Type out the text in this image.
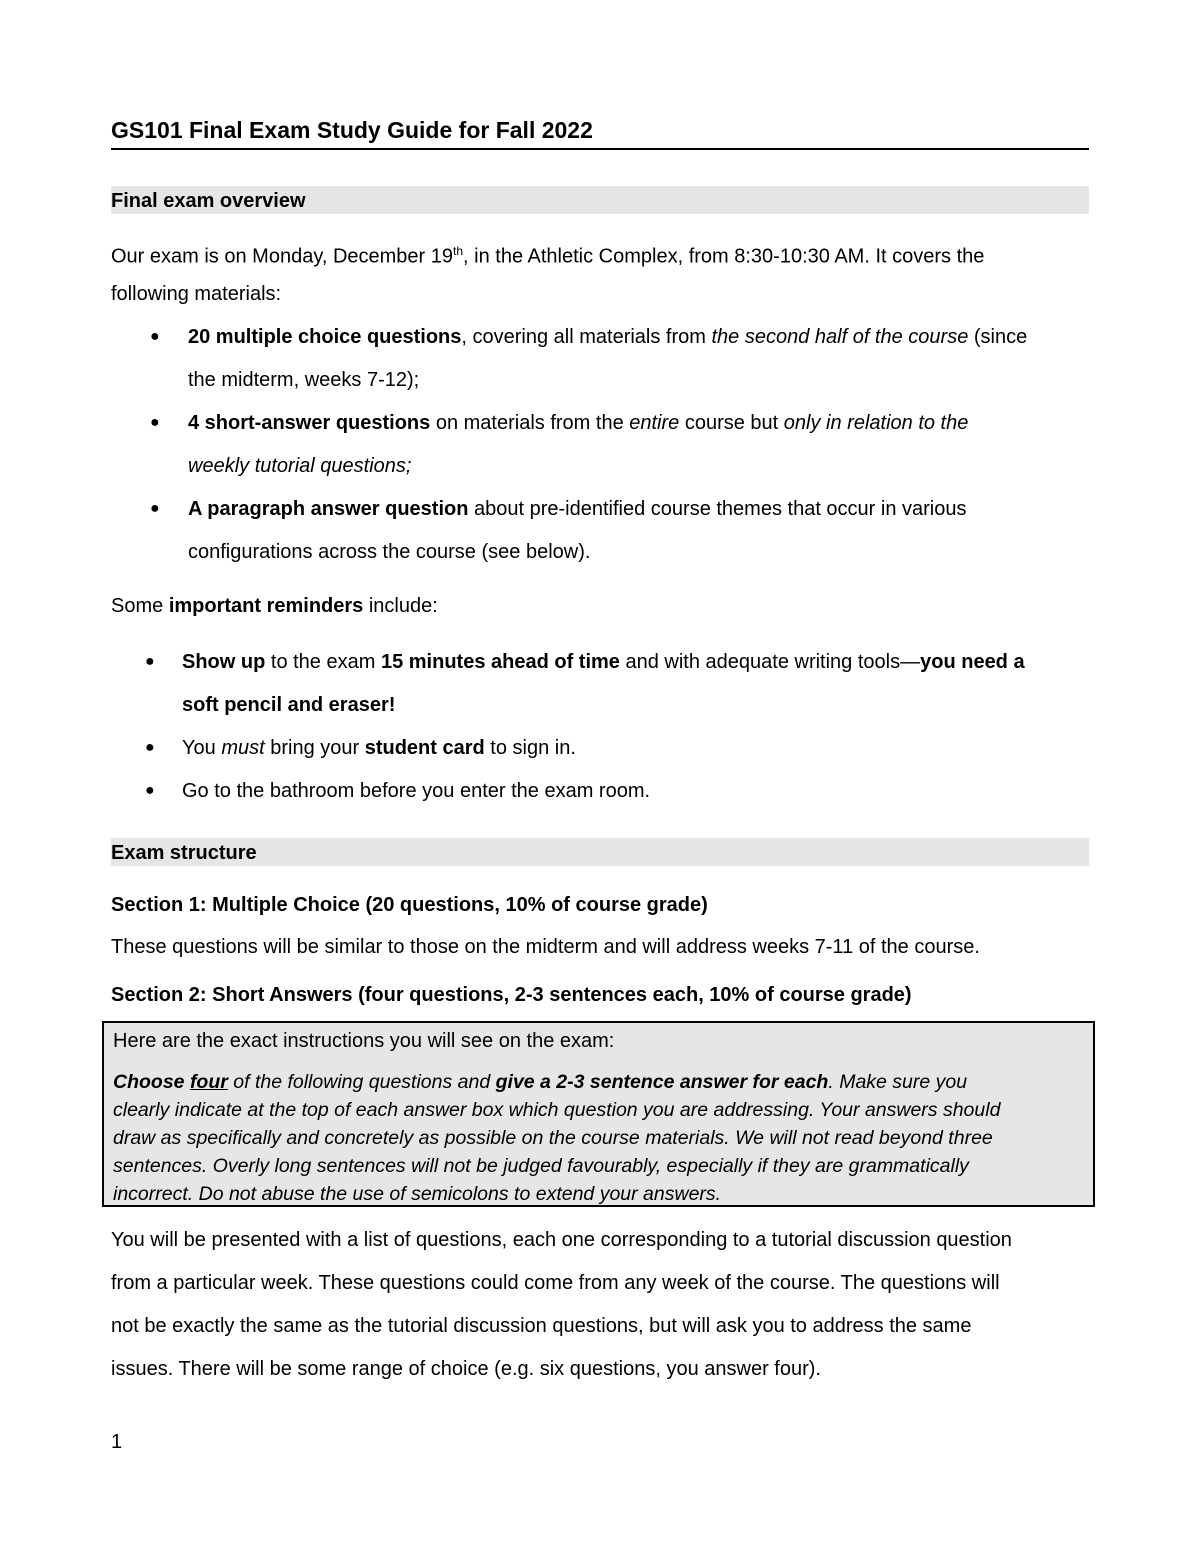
GS101 Final Exam Study Guide for Fall 2022
Final exam overview
Our exam is on Monday, December 19th, in the Athletic Complex, from 8:30-10:30 AM. It covers the
following materials:
● 20 multiple choice questions, covering all materials from the second half of the course (since
the midterm, weeks 7-12);
● 4 short-answer questions on materials from the entire course but only in relation to the
weekly tutorial questions;
● A paragraph answer question about pre-identified course themes that occur in various
configurations across the course (see below).
Some important reminders include:
● Show up to the exam 15 minutes ahead of time and with adequate writing tools—you need a
soft pencil and eraser!
● You must bring your student card to sign in.
● Go to the bathroom before you enter the exam room.
Exam structure
Section 1: Multiple Choice (20 questions, 10% of course grade)
These questions will be similar to those on the midterm and will address weeks 7-11 of the course.
Section 2: Short Answers (four questions, 2-3 sentences each, 10% of course grade)
Here are the exact instructions you will see on the exam:
Choose four of the following questions and give a 2-3 sentence answer for each. Make sure you
clearly indicate at the top of each answer box which question you are addressing. Your answers should
draw as specifically and concretely as possible on the course materials. We will not read beyond three
sentences. Overly long sentences will not be judged favourably, especially if they are grammatically
incorrect. Do not abuse the use of semicolons to extend your answers.
You will be presented with a list of questions, each one corresponding to a tutorial discussion question
from a particular week. These questions could come from any week of the course. The questions will
not be exactly the same as the tutorial discussion questions, but will ask you to address the same
issues. There will be some range of choice (e.g. six questions, you answer four).
1
